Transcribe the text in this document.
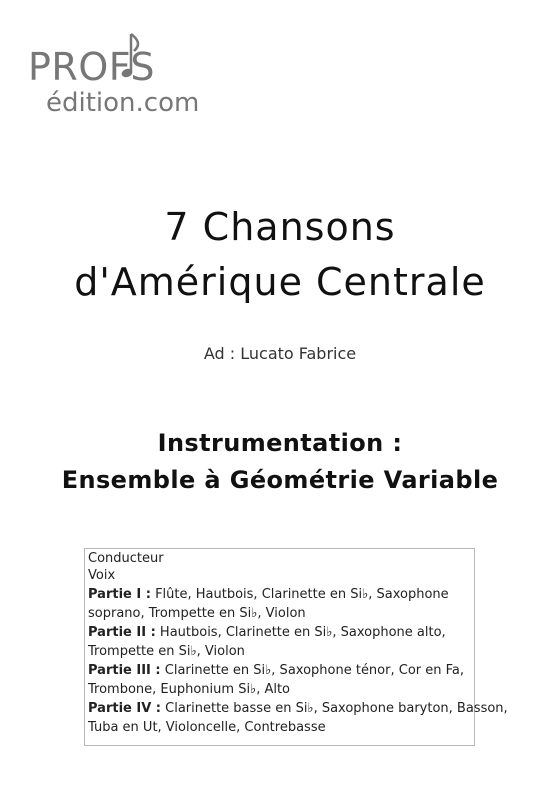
PROFS
édition.com
7 Chansons
d'Amérique Centrale
Ad : Lucato Fabrice
Instrumentation :
Ensemble à Géométrie Variable
Conducteur
Voix
Partie I : Flûte, Hautbois, Clarinette en Si♭, Saxophone
soprano, Trompette en Si♭, Violon
Partie II : Hautbois, Clarinette en Si♭, Saxophone alto,
Trompette en Si♭, Violon
Partie III : Clarinette en Si♭, Saxophone ténor, Cor en Fa,
Trombone, Euphonium Si♭, Alto
Partie IV : Clarinette basse en Si♭, Saxophone baryton, Basson,
Tuba en Ut, Violoncelle, Contrebasse
